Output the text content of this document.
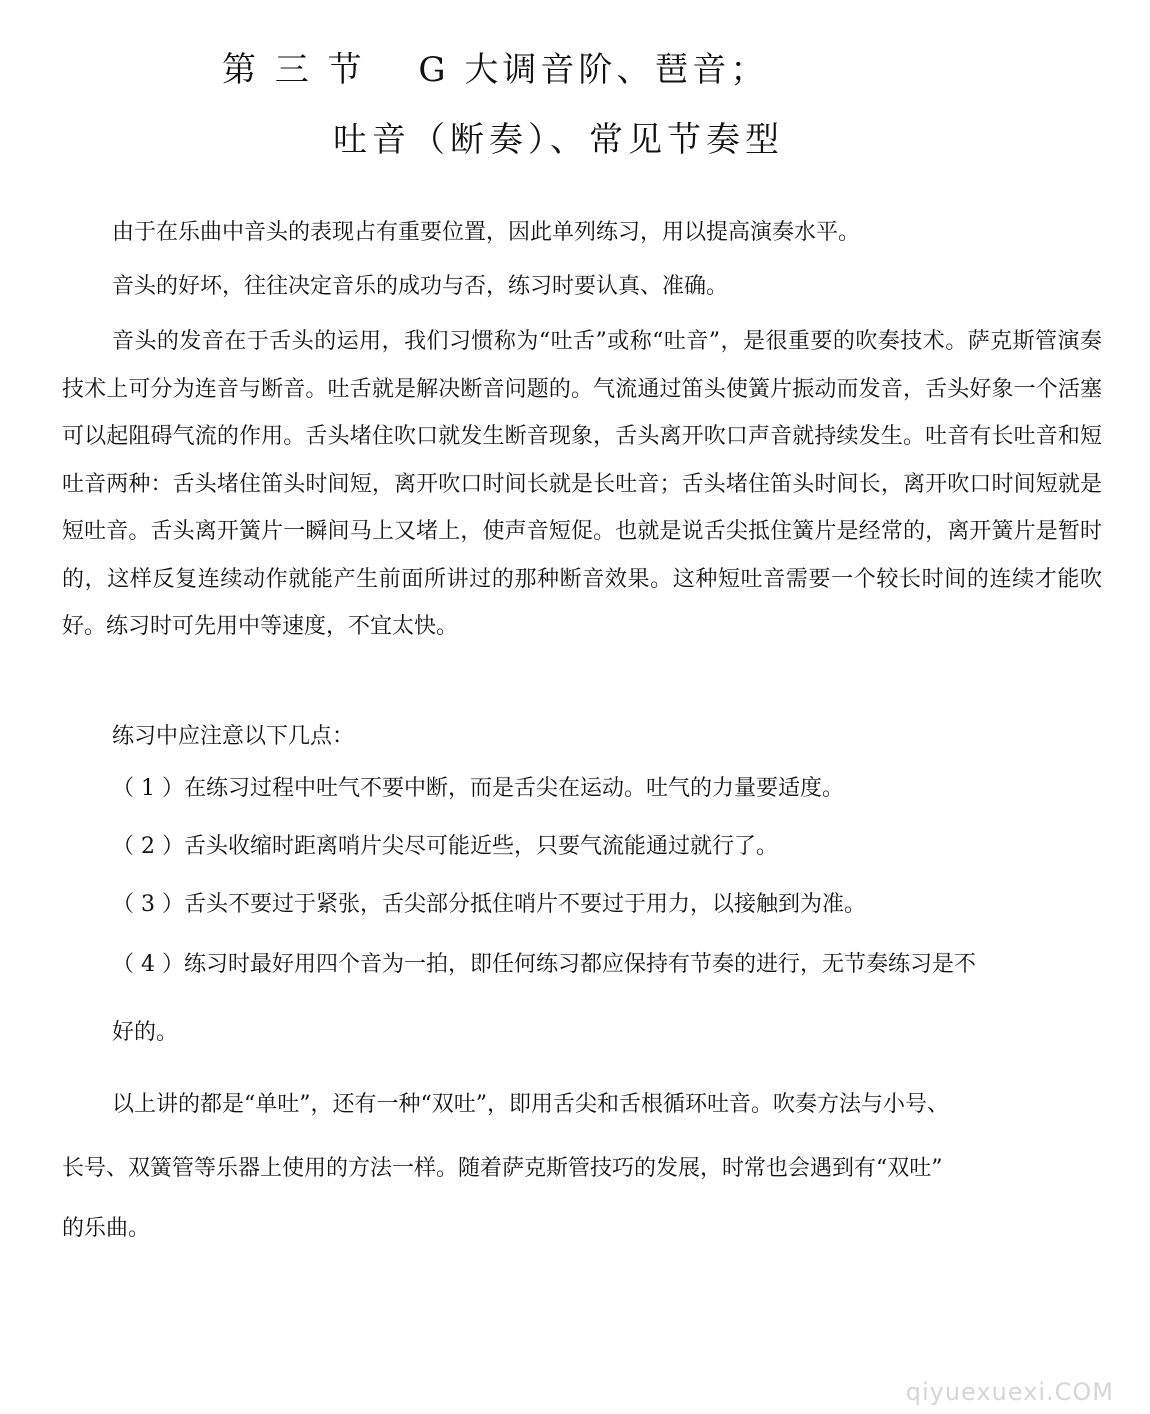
第 三 节 　G 大调音阶、琶音；
吐音（断奏）、常见节奏型
由于在乐曲中音头的表现占有重要位置，因此单列练习，用以提高演奏水平。
音头的好坏，往往决定音乐的成功与否，练习时要认真、准确。
音头的发音在于舌头的运用，我们习惯称为“吐舌”或称“吐音”，是很重要的吹奏技术。萨克斯管演奏技术上可分为连音与断音。吐舌就是解决断音问题的。气流通过笛头使簧片振动而发音，舌头好象一个活塞可以起阻碍气流的作用。舌头堵住吹口就发生断音现象，舌头离开吹口声音就持续发生。吐音有长吐音和短吐音两种：舌头堵住笛头时间短，离开吹口时间长就是长吐音；舌头堵住笛头时间长，离开吹口时间短就是短吐音。舌头离开簧片一瞬间马上又堵上，使声音短促。也就是说舌尖抵住簧片是经常的，离开簧片是暂时的，这样反复连续动作就能产生前面所讲过的那种断音效果。这种短吐音需要一个较长时间的连续才能吹好。练习时可先用中等速度，不宜太快。
练习中应注意以下几点：
（ 1 ）在练习过程中吐气不要中断，而是舌尖在运动。吐气的力量要适度。
（ 2 ）舌头收缩时距离哨片尖尽可能近些，只要气流能通过就行了。
（ 3 ）舌头不要过于紧张，舌尖部分抵住哨片不要过于用力，以接触到为准。
（ 4 ）练习时最好用四个音为一拍，即任何练习都应保持有节奏的进行，无节奏练习是不
好的。
以上讲的都是“单吐”，还有一种“双吐”，即用舌尖和舌根循环吐音。吹奏方法与小号、
长号、双簧管等乐器上使用的方法一样。随着萨克斯管技巧的发展，时常也会遇到有“双吐”
的乐曲。
qiyuexuexi.COM
